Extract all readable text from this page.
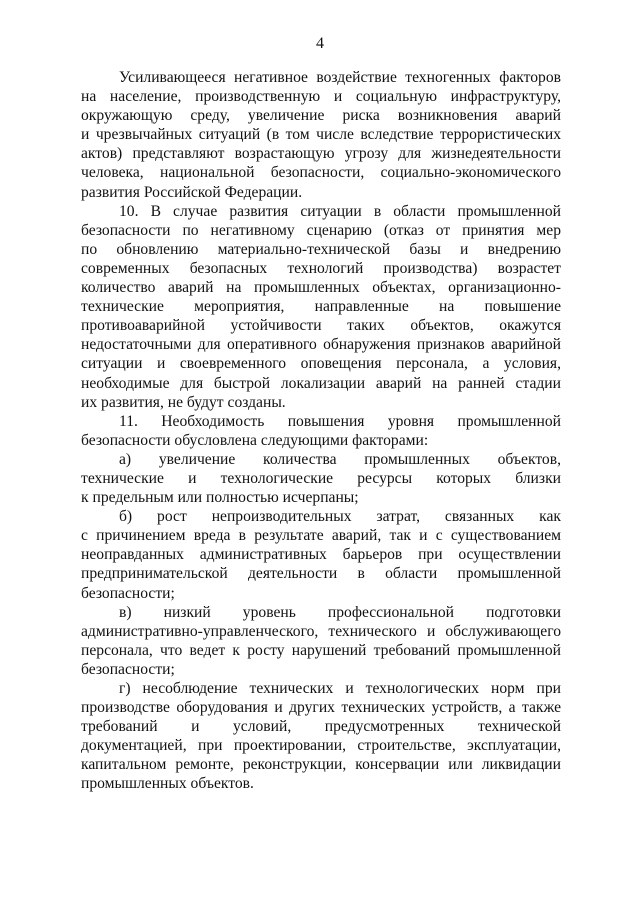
4
Усиливающееся негативное воздействие техногенных факторов
на население, производственную и социальную инфраструктуру,
окружающую среду, увеличение риска возникновения аварий
и чрезвычайных ситуаций (в том числе вследствие террористических
актов) представляют возрастающую угрозу для жизнедеятельности
человека, национальной безопасности, социально-экономического
развития Российской Федерации.
10. В случае развития ситуации в области промышленной
безопасности по негативному сценарию (отказ от принятия мер
по обновлению материально-технической базы и внедрению
современных безопасных технологий производства) возрастет
количество аварий на промышленных объектах, организационно-
технические мероприятия, направленные на повышение
противоаварийной устойчивости таких объектов, окажутся
недостаточными для оперативного обнаружения признаков аварийной
ситуации и своевременного оповещения персонала, а условия,
необходимые для быстрой локализации аварий на ранней стадии
их развития, не будут созданы.
11. Необходимость повышения уровня промышленной
безопасности обусловлена следующими факторами:
а) увеличение количества промышленных объектов,
технические и технологические ресурсы которых близки
к предельным или полностью исчерпаны;
б) рост непроизводительных затрат, связанных как
с причинением вреда в результате аварий, так и с существованием
неоправданных административных барьеров при осуществлении
предпринимательской деятельности в области промышленной
безопасности;
в) низкий уровень профессиональной подготовки
административно-управленческого, технического и обслуживающего
персонала, что ведет к росту нарушений требований промышленной
безопасности;
г) несоблюдение технических и технологических норм при
производстве оборудования и других технических устройств, а также
требований и условий, предусмотренных технической
документацией, при проектировании, строительстве, эксплуатации,
капитальном ремонте, реконструкции, консервации или ликвидации
промышленных объектов.
